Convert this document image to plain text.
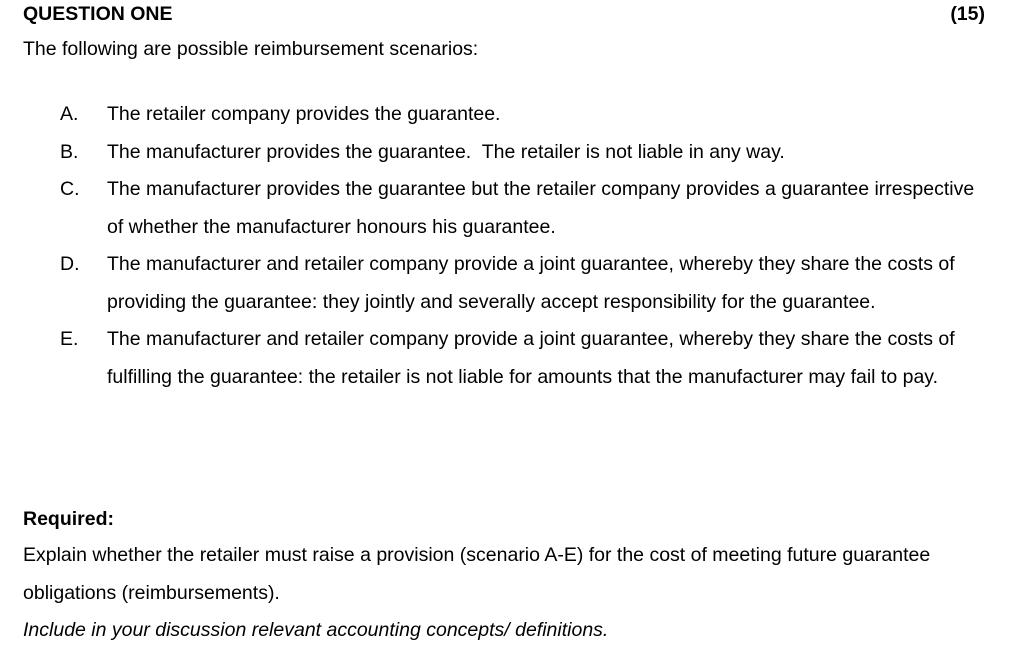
QUESTION ONE	(15)
The following are possible reimbursement scenarios:
A.	The retailer company provides the guarantee.
B.	The manufacturer provides the guarantee.  The retailer is not liable in any way.
C.	The manufacturer provides the guarantee but the retailer company provides a guarantee irrespective of whether the manufacturer honours his guarantee.
D.	The manufacturer and retailer company provide a joint guarantee, whereby they share the costs of providing the guarantee: they jointly and severally accept responsibility for the guarantee.
E.	The manufacturer and retailer company provide a joint guarantee, whereby they share the costs of fulfilling the guarantee: the retailer is not liable for amounts that the manufacturer may fail to pay.
Required:
Explain whether the retailer must raise a provision (scenario A-E) for the cost of meeting future guarantee obligations (reimbursements).
Include in your discussion relevant accounting concepts/ definitions.
